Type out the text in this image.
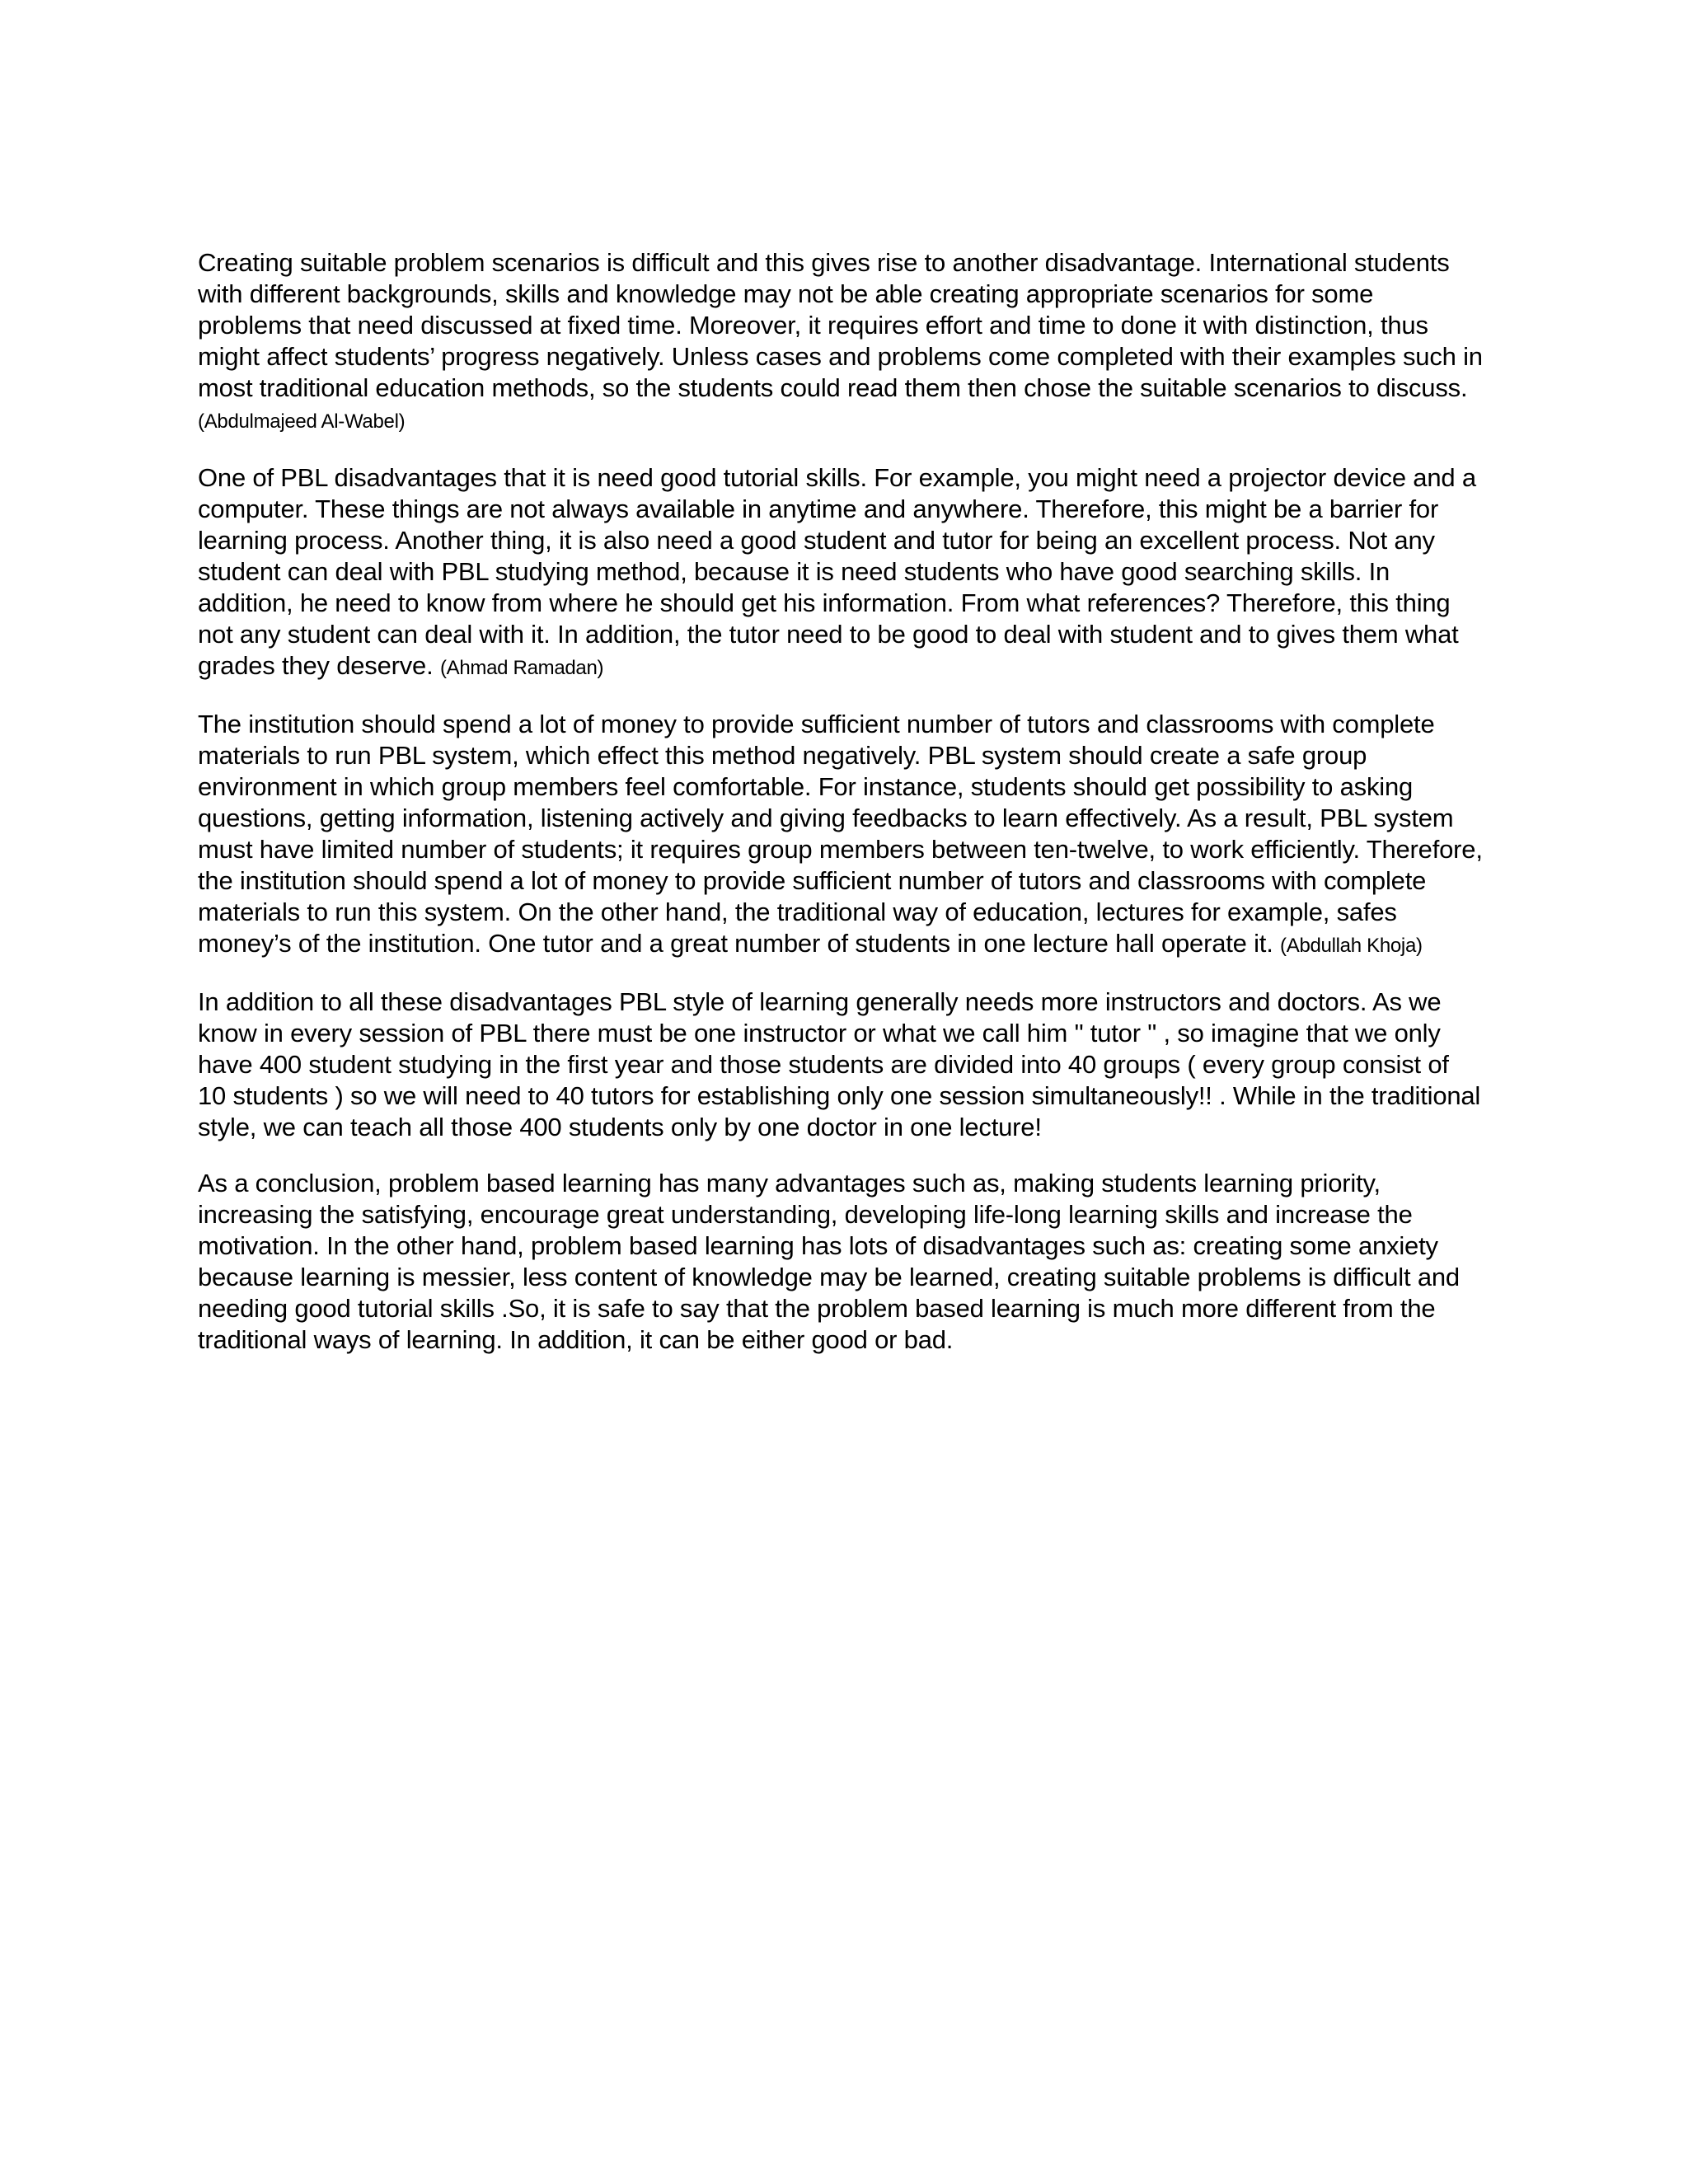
Creating suitable problem scenarios is difficult and this gives rise to another disadvantage. International students with different backgrounds, skills and knowledge may not be able creating appropriate scenarios for some problems that need discussed at fixed time. Moreover, it requires effort and time to done it with distinction, thus might affect students’ progress negatively. Unless cases and problems come completed with their examples such in most traditional education methods, so the students could read them then chose the suitable scenarios to discuss. (Abdulmajeed Al-Wabel)

One of PBL disadvantages that it is need good tutorial skills. For example, you might need a projector device and a computer. These things are not always available in anytime and anywhere. Therefore, this might be a barrier for learning process. Another thing, it is also need a good student and tutor for being an excellent process. Not any student can deal with PBL studying method, because it is need students who have good searching skills. In addition, he need to know from where he should get his information. From what references? Therefore, this thing not any student can deal with it. In addition, the tutor need to be good to deal with student and to gives them what grades they deserve. (Ahmad Ramadan)

The institution should spend a lot of money to provide sufficient number of tutors and classrooms with complete materials to run PBL system, which effect this method negatively. PBL system should create a safe group environment in which group members feel comfortable. For instance, students should get possibility to asking questions, getting information, listening actively and giving feedbacks to learn effectively. As a result, PBL system must have limited number of students; it requires group members between ten-twelve, to work efficiently. Therefore, the institution should spend a lot of money to provide sufficient number of tutors and classrooms with complete materials to run this system. On the other hand, the traditional way of education, lectures for example, safes money’s of the institution. One tutor and a great number of students in one lecture hall operate it. (Abdullah Khoja)

In addition to all these disadvantages PBL style of learning generally needs more instructors and doctors. As we know in every session of PBL there must be one instructor or what we call him " tutor " , so imagine that we only have 400 student studying in the first year and those students are divided into 40 groups ( every group consist of 10 students ) so we will need to 40 tutors for establishing only one session simultaneously!! . While in the traditional style, we can teach all those 400 students only by one doctor in one lecture!

As a conclusion, problem based learning has many advantages such as, making students learning priority, increasing the satisfying, encourage great understanding, developing life-long learning skills and increase the motivation. In the other hand, problem based learning has lots of disadvantages such as: creating some anxiety because learning is messier, less content of knowledge may be learned, creating suitable problems is difficult and needing good tutorial skills .So, it is safe to say that the problem based learning is much more different from the traditional ways of learning. In addition, it can be either good or bad.
